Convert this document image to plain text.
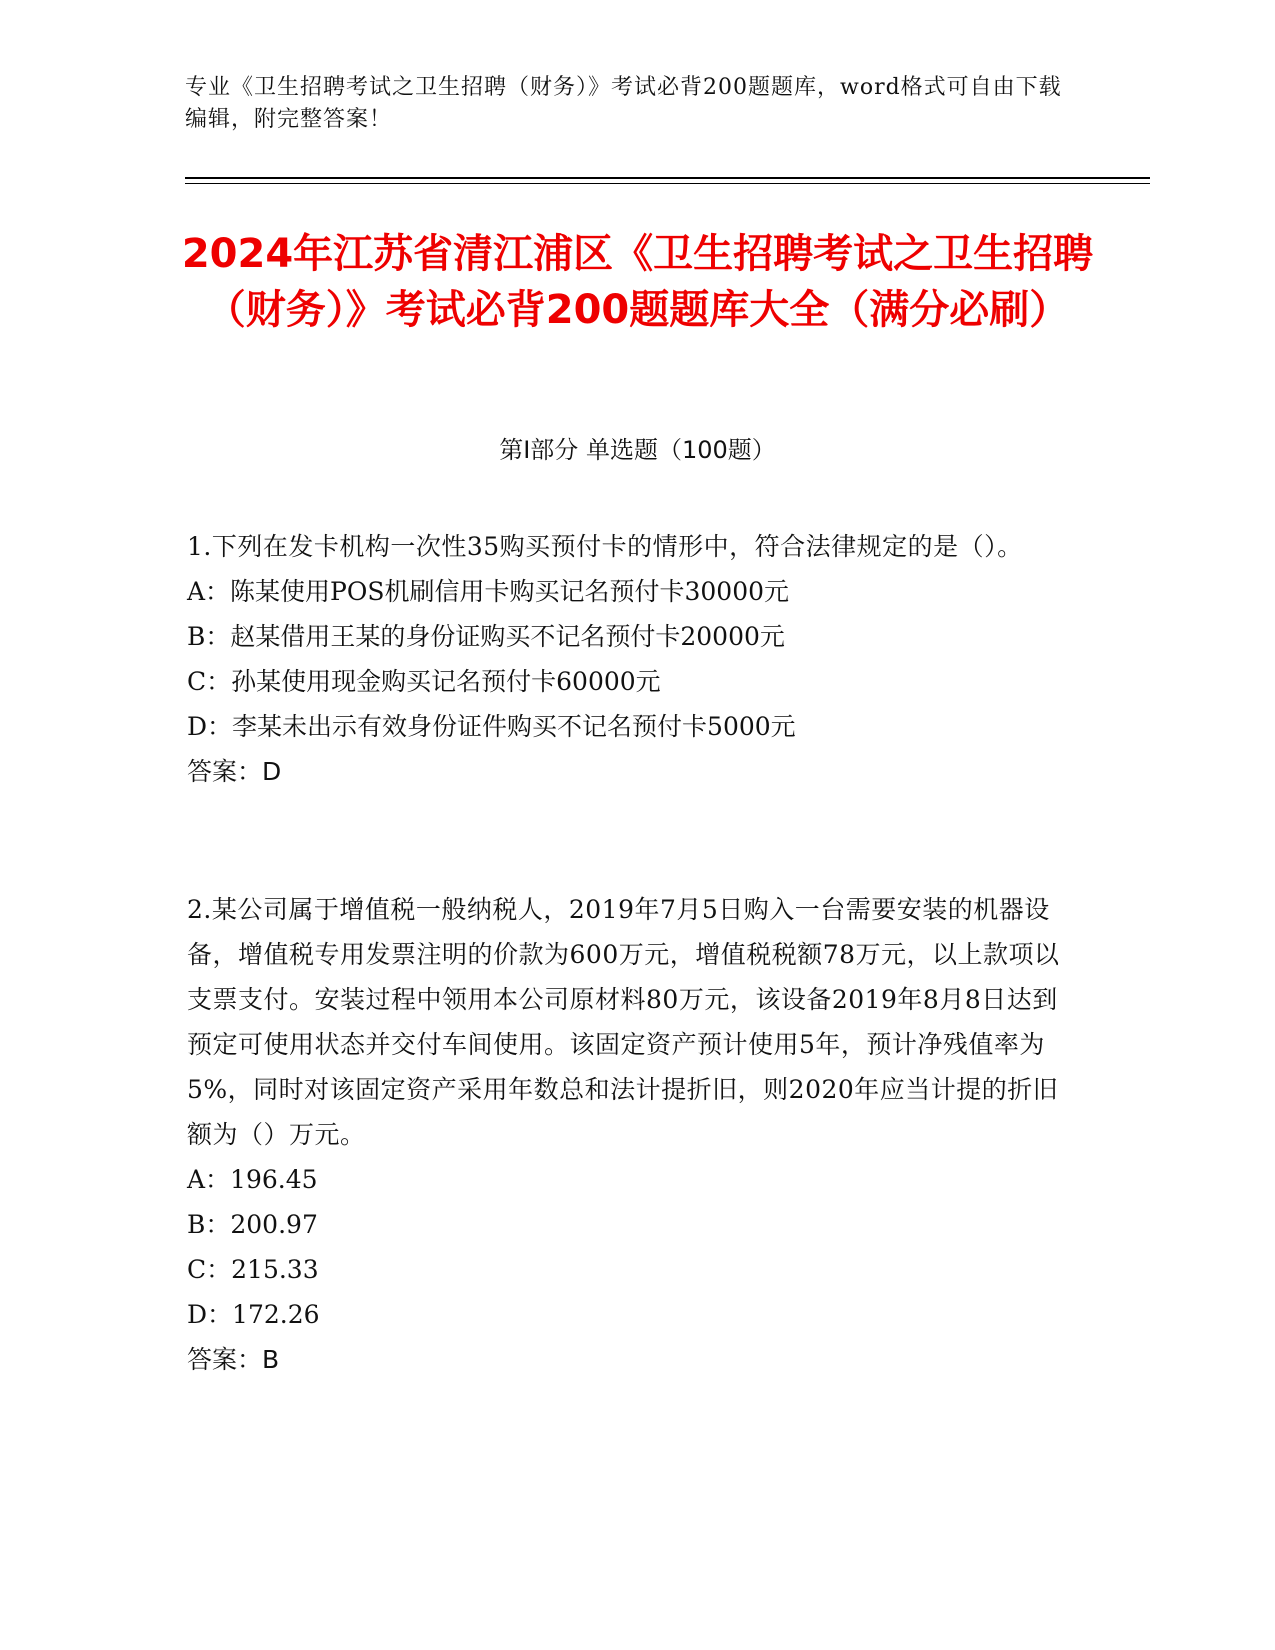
专业《卫生招聘考试之卫生招聘（财务）》考试必背200题题库，word格式可自由下载编辑，附完整答案！
2024年江苏省清江浦区《卫生招聘考试之卫生招聘（财务）》考试必背200题题库大全（满分必刷）
第Ⅰ部分 单选题（100题）
1.下列在发卡机构一次性35购买预付卡的情形中，符合法律规定的是（）。
A：陈某使用POS机刷信用卡购买记名预付卡30000元
B：赵某借用王某的身份证购买不记名预付卡20000元
C：孙某使用现金购买记名预付卡60000元
D：李某未出示有效身份证件购买不记名预付卡5000元
答案：D
2.某公司属于增值税一般纳税人，2019年7月5日购入一台需要安装的机器设备，增值税专用发票注明的价款为600万元，增值税税额78万元，以上款项以支票支付。安装过程中领用本公司原材料80万元，该设备2019年8月8日达到预定可使用状态并交付车间使用。该固定资产预计使用5年，预计净残值率为5%，同时对该固定资产采用年数总和法计提折旧，则2020年应当计提的折旧额为（）万元。
A：196.45
B：200.97
C：215.33
D：172.26
答案：B
